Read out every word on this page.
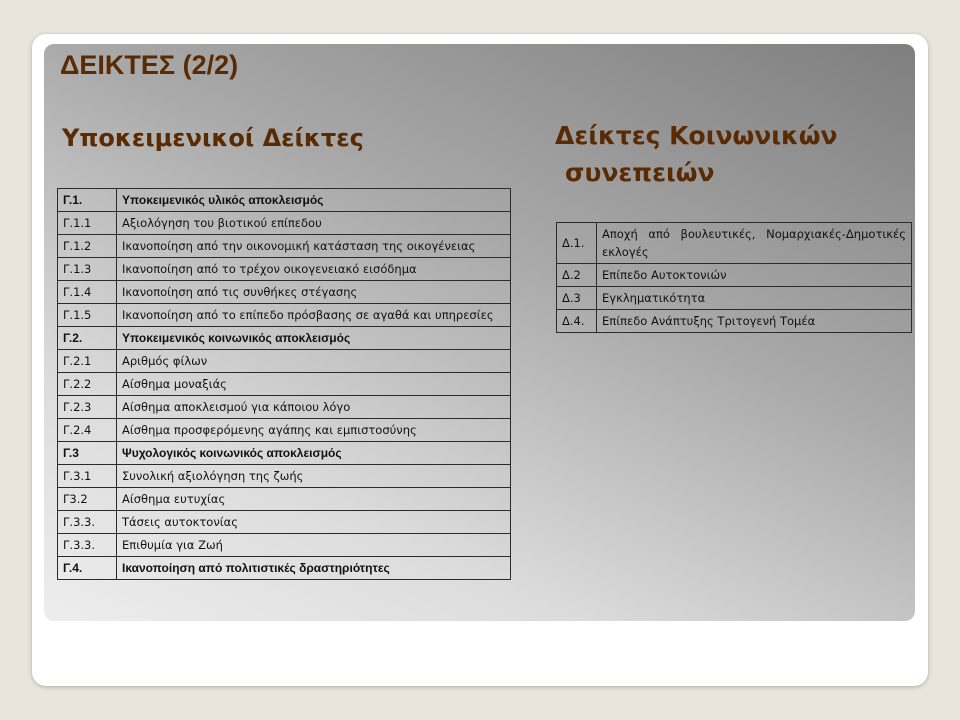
ΔΕΙΚΤΕΣ (2/2)
Υποκειμενικοί Δείκτες	Δείκτες Κοινωνικών
συνεπειών
Γ.1.	Υποκειμενικός υλικός αποκλεισμός
Γ.1.1	Αξιολόγηση του βιοτικού επίπεδου
Γ.1.2	Ικανοποίηση από την οικονομική κατάσταση της οικογένειας
Γ.1.3	Ικανοποίηση από το τρέχον οικογενειακό εισόδημα
Γ.1.4	Ικανοποίηση από τις συνθήκες στέγασης
Γ.1.5	Ικανοποίηση από το επίπεδο πρόσβασης σε αγαθά και υπηρεσίες
Γ.2.	Υποκειμενικός κοινωνικός αποκλεισμός
Γ.2.1	Αριθμός φίλων
Γ.2.2	Αίσθημα μοναξιάς
Γ.2.3	Αίσθημα αποκλεισμού για κάποιου λόγο
Γ.2.4	Αίσθημα προσφερόμενης αγάπης και εμπιστοσύνης
Γ.3	Ψυχολογικός κοινωνικός αποκλεισμός
Γ.3.1	Συνολική αξιολόγηση της ζωής
Γ3.2	Αίσθημα ευτυχίας
Γ.3.3.	Τάσεις αυτοκτονίας
Γ.3.3.	Επιθυμία για Ζωή
Γ.4.	Ικανοποίηση από πολιτιστικές δραστηριότητες
Δ.1.	Αποχή από βουλευτικές, Νομαρχιακές-Δημοτικές εκλογές
Δ.2	Επίπεδο Αυτοκτονιών
Δ.3	Εγκληματικότητα
Δ.4.	Επίπεδο Ανάπτυξης Τριτογενή Τομέα
